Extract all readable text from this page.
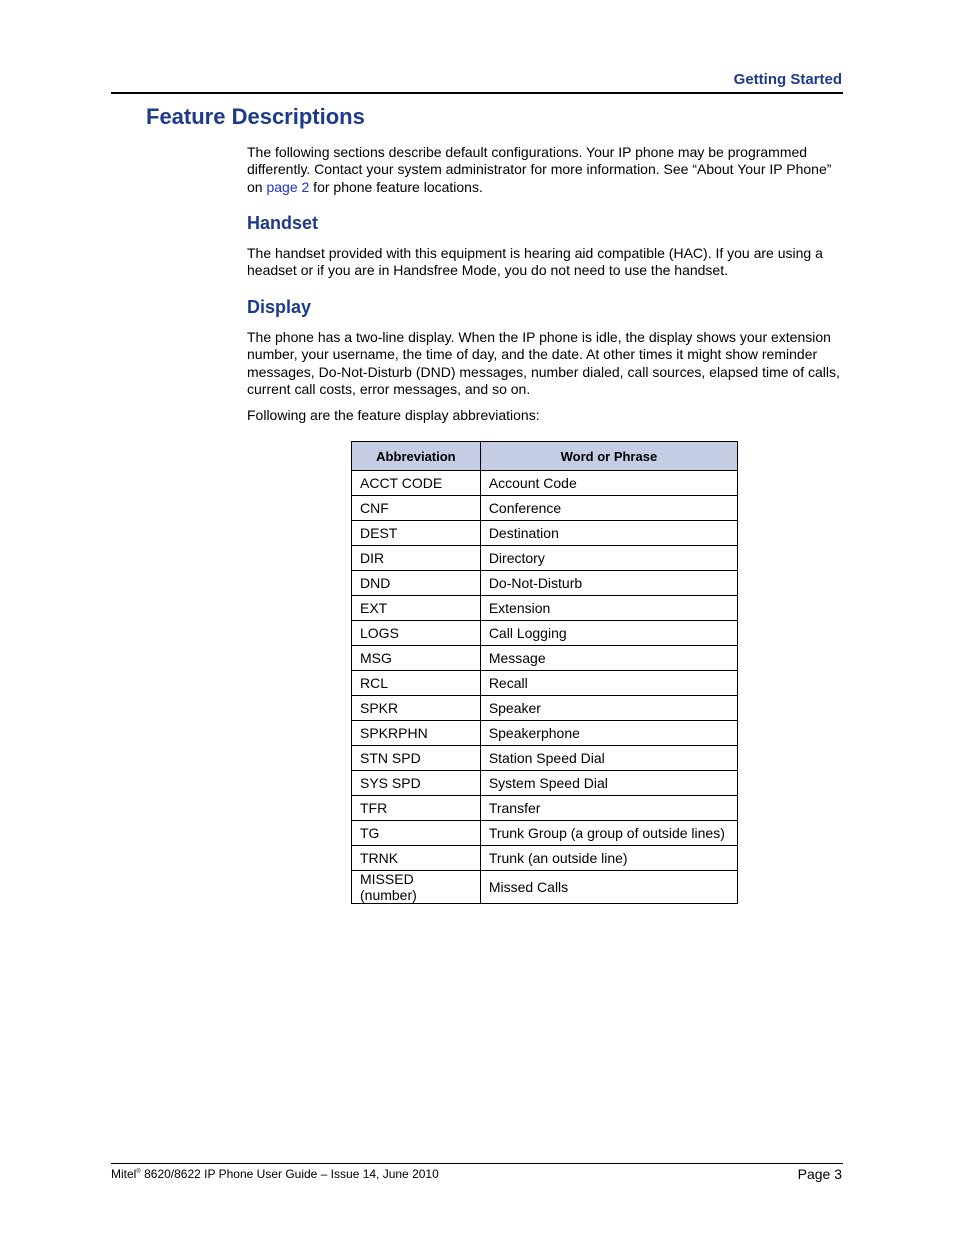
Getting Started
Feature Descriptions

The following sections describe default configurations. Your IP phone may be programmed differently. Contact your system administrator for more information. See “About Your IP Phone” on page 2 for phone feature locations.

Handset

The handset provided with this equipment is hearing aid compatible (HAC). If you are using a headset or if you are in Handsfree Mode, you do not need to use the handset.

Display

The phone has a two-line display. When the IP phone is idle, the display shows your extension number, your username, the time of day, and the date. At other times it might show reminder messages, Do-Not-Disturb (DND) messages, number dialed, call sources, elapsed time of calls, current call costs, error messages, and so on.

Following are the feature display abbreviations:

Abbreviation	Word or Phrase
ACCT CODE	Account Code
CNF	Conference
DEST	Destination
DIR	Directory
DND	Do-Not-Disturb
EXT	Extension
LOGS	Call Logging
MSG	Message
RCL	Recall
SPKR	Speaker
SPKRPHN	Speakerphone
STN SPD	Station Speed Dial
SYS SPD	System Speed Dial
TFR	Transfer
TG	Trunk Group (a group of outside lines)
TRNK	Trunk (an outside line)
MISSED (number)	Missed Calls
Mitel® 8620/8622 IP Phone User Guide – Issue 14, June 2010	Page 3
